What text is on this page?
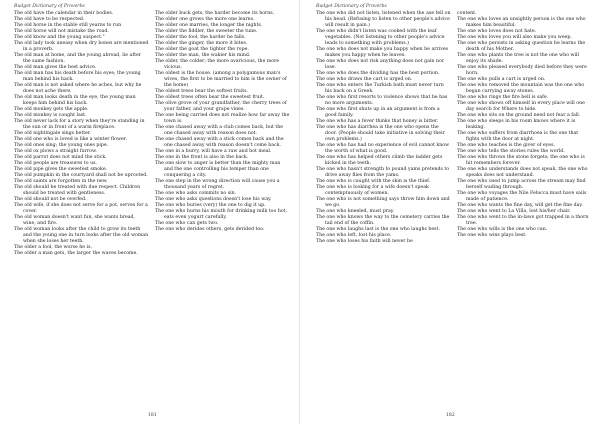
Budget Dictionary of Proverbs

The old have the calendar in their bodies.

The old have to be respected.

The old horse in the stable still yearns to run

The old horse will not mistake the road.

The old know and the young suspect."

The old lady took uneasy when dry bones are mentioned in a proverb.

The old man at home, and the young abroad, lie after the same fashion.

The old man gives the best advice.

The old man has his death before his eyes; the young man behind his back.

The old man is not asked where he aches, but why he does not ache there.

The old man looks death in the eye, the young man keeps him behind his back.

The old monkey gets the apple.

The old monkey is caught last.

The old never lack for a story when they're standing in the sun or in front of a warm fireplace.

The old nightingale sings better.

The old one who is loved is like a winter flower.

The old ones sing; the young ones pipe.

The old ox plows a straight furrow.

The old parrot does not mind the stick.

The old people are treasures to us.

The old pipe gives the sweetest smoke.

The old pumpkin in the courtyard shall not be uprooted.

The old saints are forgotten in the new.

The old should be treated with due respect. Children should be treated with gentleness.

The old should not be overfed.

The old wife, if she does not serve for a pot, serves for a cover.

The old woman doesn't want fun, she wants bread, wine, and fire.

The old woman looks after the child to grow its teeth and the young one in turn looks after the old woman when she loses her teeth.

The older a fool, the worse he is.

The older a man gets, the larger the waves become.

The older buck gets, the harder become its horns.

The older one grows the more one learns.

The older one marries, the longer the nights.

The older the fiddler, the sweeter the tune.

The older the fool, the harder he falls.

The older the ginger, the more it bites.

The older the goat the tighter the rope.

The older the man, the wakier his mind.

The older, the colder; the more avaricious, the more vicious.

The oldest is the house. (among a polygamous man's wives, the first to be married to him is the owner of the home)

The oldest trees bear the softest fruits.

The oldest trees often bear the sweetest fruit.

The olive grove of your grandfather, the cherry trees of your father, and your grape vines.

The one being carried does not realize how far away the town is.

The one chased away with a club comes back, but the one chased away with reason does not.

The one chased away with a stick comes back and the one chased away with reason doesn't come back.

The one in a hurry, will have a raw and hot meal.

The one in the front is also in the back.

The one slow to anger is better than the mighty man and the one controlling his temper than one conquering a city.

The one step in the wrong direction will cause you a thousand years of regret.

The one who asks commits no sin.

The one who asks questions doesn't lose his way.

The one who buries (very) the one to dig it up.

The one who burns his mouth for drinking milk too hot, eats even yogurt carefully.

The one who can gets two.

The one who derides others, gets derided too.

181
Budget Dictionary of Proverbs

The one who did not listen, listened when the axe fell on his head. (Refusing to listen to other people's advice will result in pain.)

The one who didn't listen was cooked with the leaf vegetables. (Not listening to other people's advice leads to something with problems.)

The one who does not make you happy when he arrives makes you happy when he leaves.

The one who does not risk anything does not gain nor lose.

The one who does the dividing has the best portion.

The one who draws the cart is urged on.

The one who enters the Turkish bath must never turn his back on a Greek.

The one who first resorts to violence shows that he has no more arguments.

The one who first shuts up in an argument is from a good family.

The one who has a fever thinks that honey is bitter.

The one who has diarrhea is the one who opens the door. (People should take initiative in solving their own problems.)

The one who has had no experience of evil cannot know the worth of what is good.

The one who has helped others climb the ladder gets kicked in the teeth.

The one who hasn't strength to pound yams pretends to drive away flies from the yams.

The one who is caught with the skin is the thief.

The one who is looking for a wife doesn't speak contemptuously of women.

The one who is not something says throw him down and we go.

The one who kneeled, must pray.

The one who knows the way to the cemetery carries the tail end of the coffin.

The one who laughs last is the one who laughs best.

The one who left, lost his place.

The one who loses his faith will never be

content.

The one who loves an unsightly person is the one who makes him beautiful.

The one who loves does not hate.

The one who loves you will also make you weep.

The one who persists in asking question he learns the death of his Mother.

The one who plants the tree is not the one who will enjoy its shade.

The one who pleased everybody died before they were born.

The one who pulls a cart is urged on.

The one who removed the mountain was the one who began carrying away stones.

The one who rings the fire bell is safe.

The one who shows off himself in every place will one day search for Where to hide.

The one who sits on the ground need not fear a fall.

The one who sleeps in his room knows where it is leaking.

The one who suffers from diarrhoea is the one that fights with the door at night.

The one who teaches is the giver of eyes.

The one who tells the stories rules the world.

The one who throws the stone forgets; the one who is hit remembers forever.

The one who understands does not speak, the one who speaks does not understand.

The one who used to jump across the stream may find herself wading through.

The one who voyages the Nile Felucca must have sails made of patience.

The one who wants the fine day, will get the fine day.

The one who went to La Villa, lost his/her chair.

The one who went to the in-laws got trapped in a thorn tree.

The one who wills is the one who can.

The one who wins plays best.

182
